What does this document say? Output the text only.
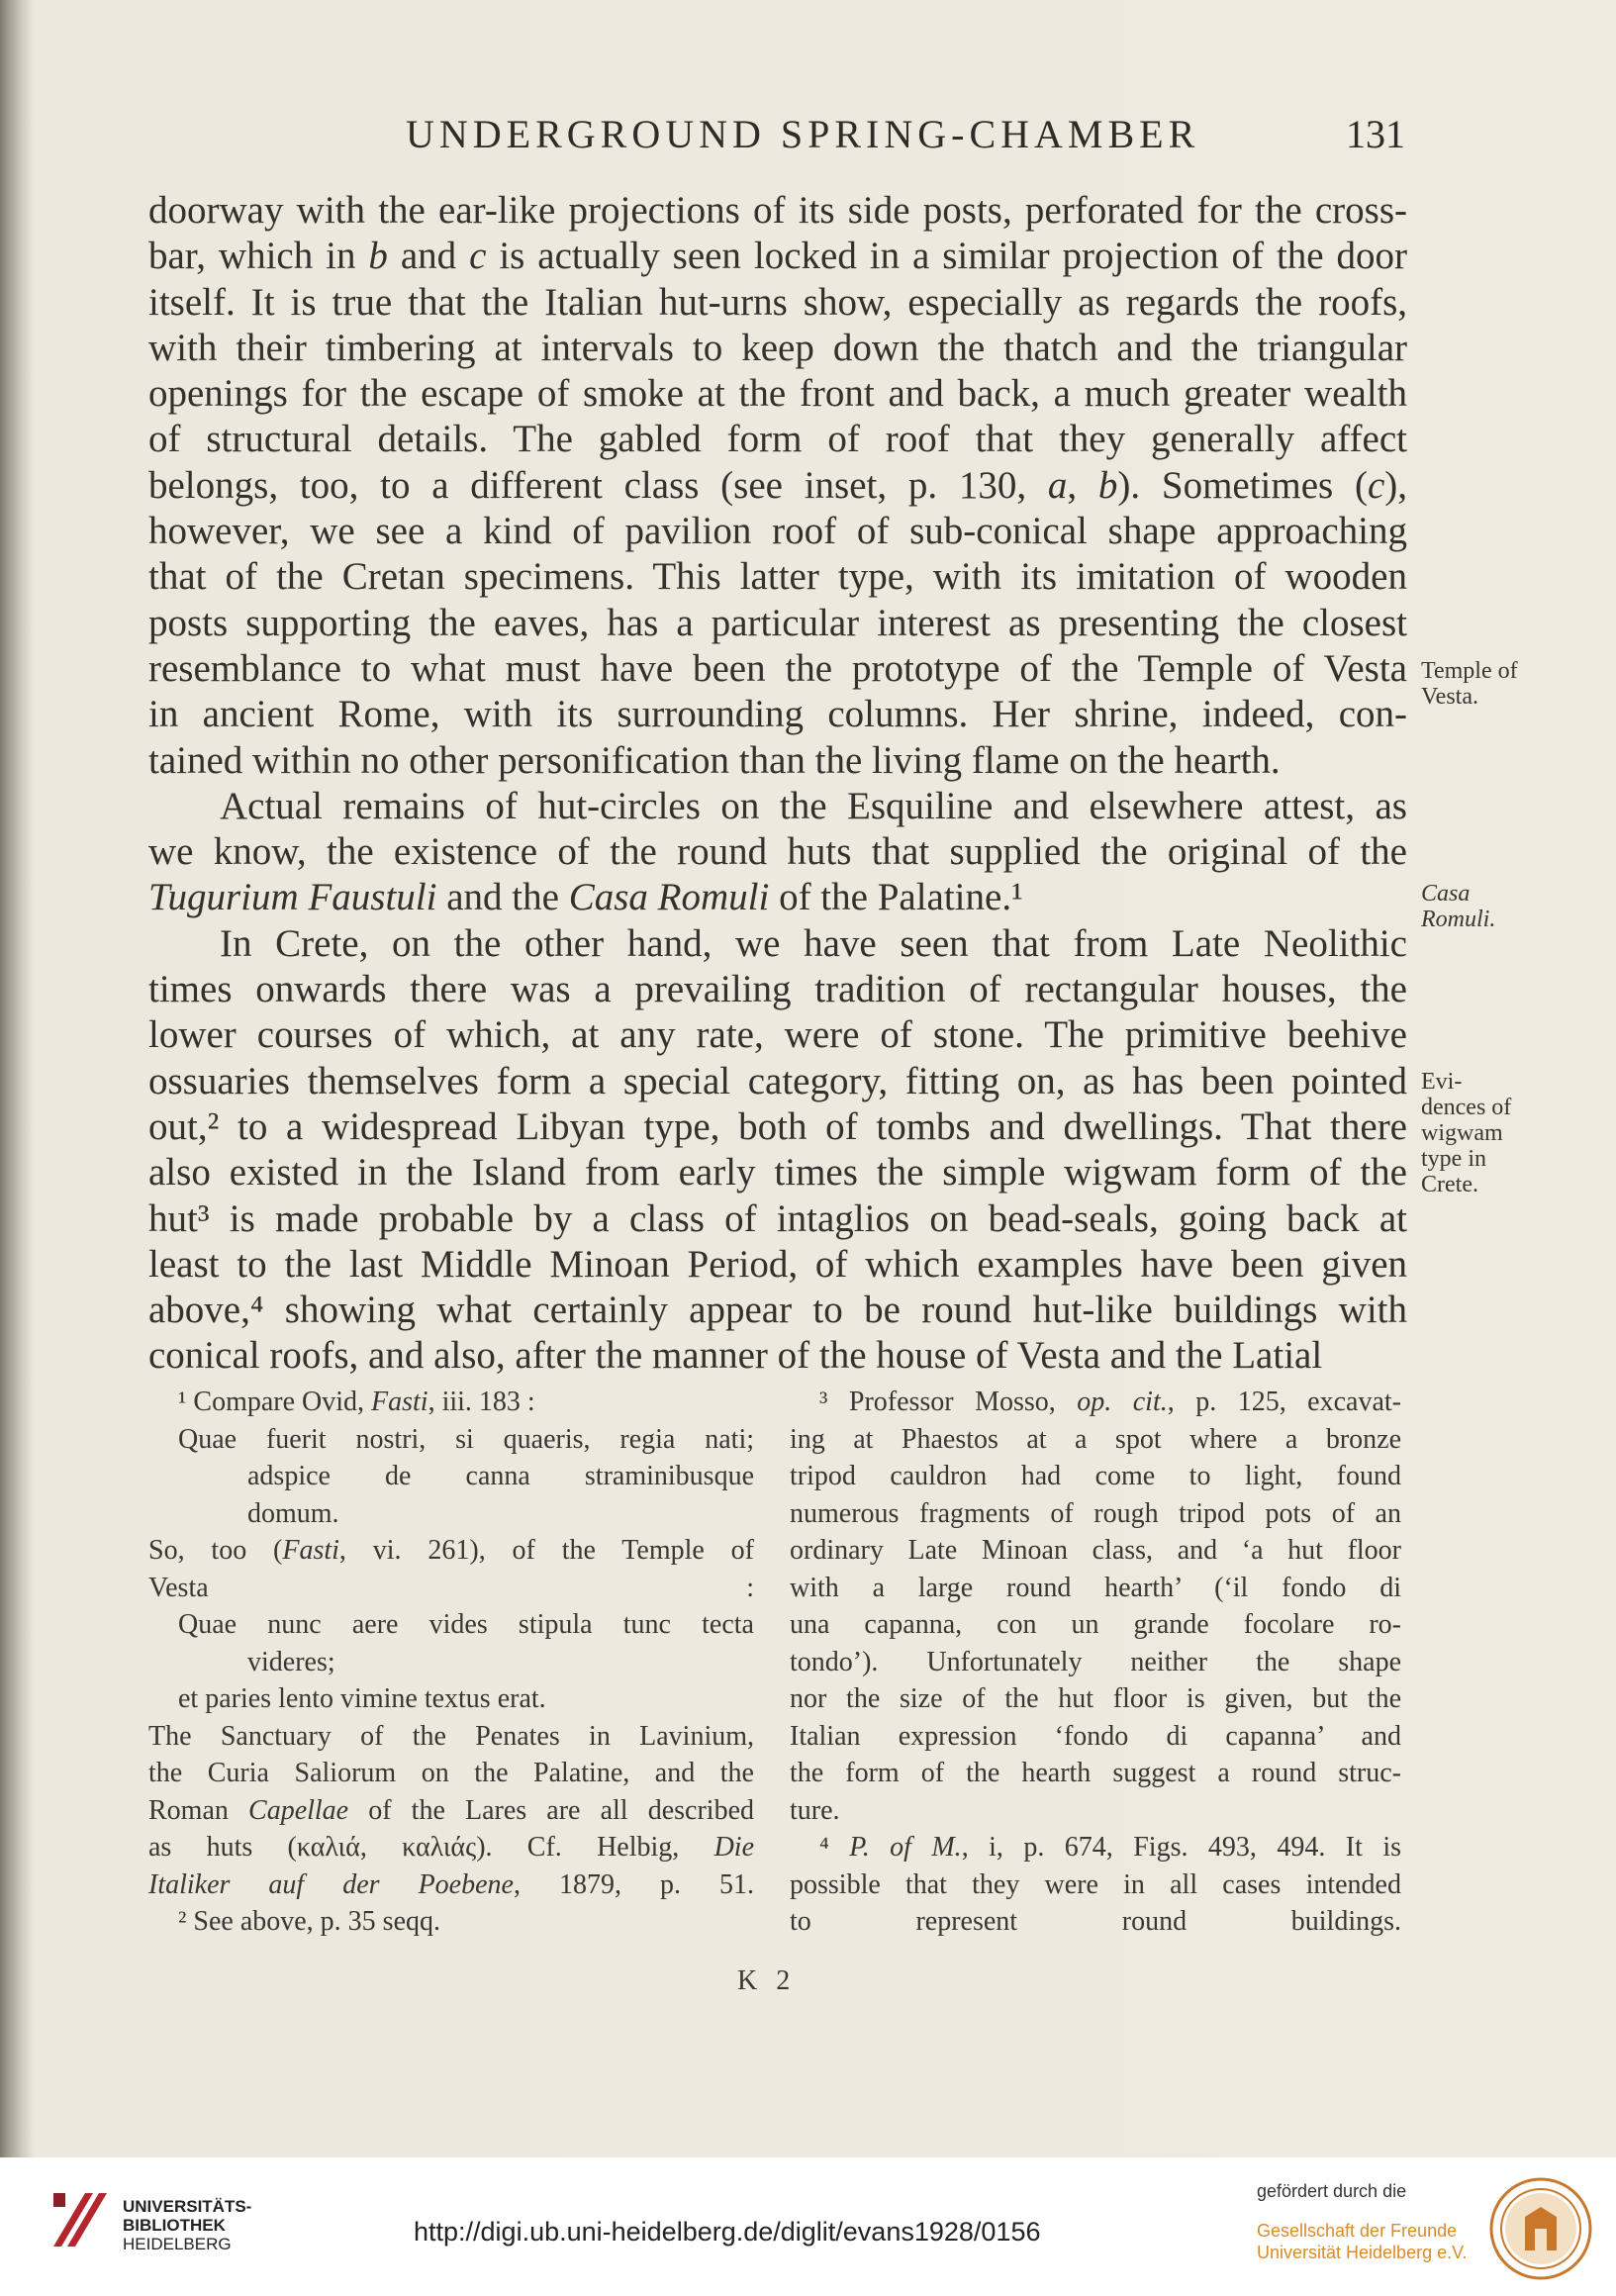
UNDERGROUND SPRING-CHAMBER	131
doorway with the ear-like projections of its side posts, perforated for the cross-
bar, which in b and c is actually seen locked in a similar projection of the door
itself. It is true that the Italian hut-urns show, especially as regards the roofs,
with their timbering at intervals to keep down the thatch and the triangular
openings for the escape of smoke at the front and back, a much greater wealth
of structural details. The gabled form of roof that they generally affect
belongs, too, to a different class (see inset, p. 130, a, b). Sometimes (c),
however, we see a kind of pavilion roof of sub-conical shape approaching
that of the Cretan specimens. This latter type, with its imitation of wooden
posts supporting the eaves, has a particular interest as presenting the closest
resemblance to what must have been the prototype of the Temple of Vesta
in ancient Rome, with its surrounding columns. Her shrine, indeed, con-
tained within no other personification than the living flame on the hearth.
Actual remains of hut-circles on the Esquiline and elsewhere attest, as
we know, the existence of the round huts that supplied the original of the
Tugurium Faustuli and the Casa Romuli of the Palatine.¹
In Crete, on the other hand, we have seen that from Late Neolithic
times onwards there was a prevailing tradition of rectangular houses, the
lower courses of which, at any rate, were of stone. The primitive beehive
ossuaries themselves form a special category, fitting on, as has been pointed
out,² to a widespread Libyan type, both of tombs and dwellings. That there
also existed in the Island from early times the simple wigwam form of the
hut³ is made probable by a class of intaglios on bead-seals, going back at
least to the last Middle Minoan Period, of which examples have been given
above,⁴ showing what certainly appear to be round hut-like buildings with
conical roofs, and also, after the manner of the house of Vesta and the Latial
Temple of
Vesta.
Casa
Romuli.
Evi-
dences of
wigwam
type in
Crete.
¹ Compare Ovid, Fasti, iii. 183 :
Quae fuerit nostri, si quaeris, regia nati;
adspice de canna straminibusque
domum.
So, too (Fasti, vi. 261), of the Temple of
Vesta :
Quae nunc aere vides stipula tunc tecta
videres;
et paries lento vimine textus erat.
The Sanctuary of the Penates in Lavinium,
the Curia Saliorum on the Palatine, and the
Roman Capellae of the Lares are all described
as huts (καλιά, καλιάς). Cf. Helbig, Die
Italiker auf der Poebene, 1879, p. 51.
² See above, p. 35 seqq.
³ Professor Mosso, op. cit., p. 125, excavat-
ing at Phaestos at a spot where a bronze
tripod cauldron had come to light, found
numerous fragments of rough tripod pots of an
ordinary Late Minoan class, and ‘a hut floor
with a large round hearth’ (‘il fondo di
una capanna, con un grande focolare ro-
tondo’). Unfortunately neither the shape
nor the size of the hut floor is given, but the
Italian expression ‘fondo di capanna’ and
the form of the hearth suggest a round struc-
ture.
⁴ P. of M., i, p. 674, Figs. 493, 494. It is
possible that they were in all cases intended
to represent round buildings.
K 2
UNIVERSITÄTS-
BIBLIOTHEK
HEIDELBERG	http://digi.ub.uni-heidelberg.de/diglit/evans1928/0156
gefördert durch die
Gesellschaft der Freunde
Universität Heidelberg e.V.
